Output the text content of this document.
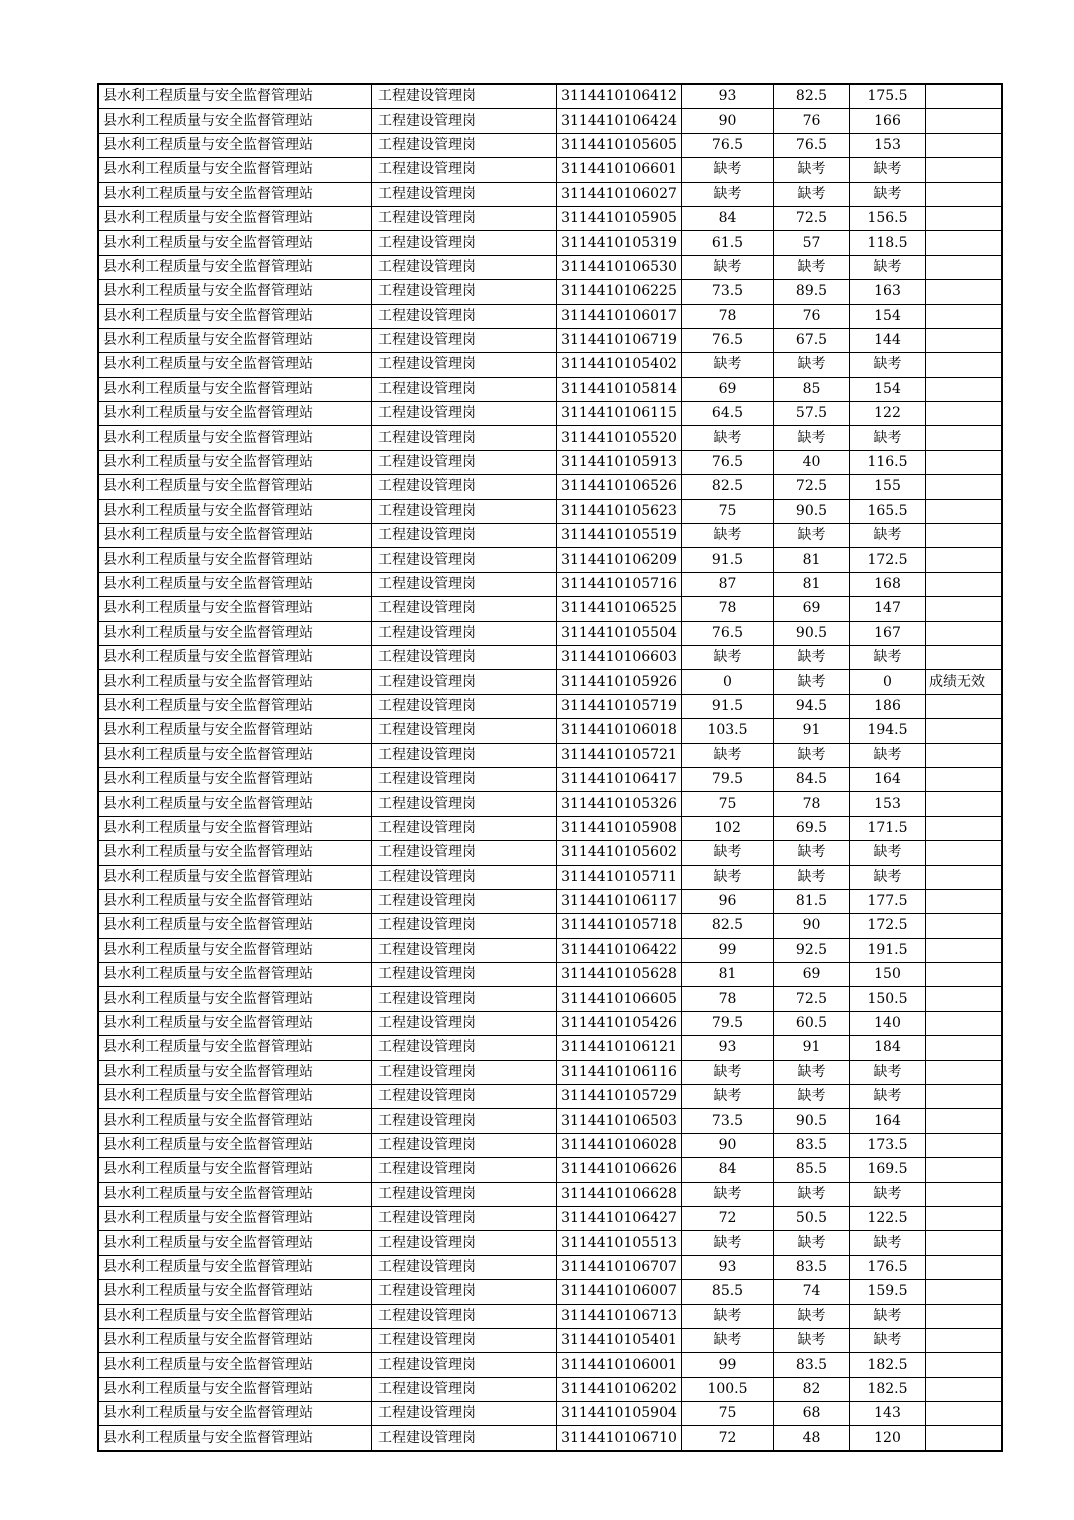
县水利工程质量与安全监督管理站	工程建设管理岗	3114410106412	93	82.5	175.5	
县水利工程质量与安全监督管理站	工程建设管理岗	3114410106424	90	76	166	
县水利工程质量与安全监督管理站	工程建设管理岗	3114410105605	76.5	76.5	153	
县水利工程质量与安全监督管理站	工程建设管理岗	3114410106601	缺考	缺考	缺考	
县水利工程质量与安全监督管理站	工程建设管理岗	3114410106027	缺考	缺考	缺考	
县水利工程质量与安全监督管理站	工程建设管理岗	3114410105905	84	72.5	156.5	
县水利工程质量与安全监督管理站	工程建设管理岗	3114410105319	61.5	57	118.5	
县水利工程质量与安全监督管理站	工程建设管理岗	3114410106530	缺考	缺考	缺考	
县水利工程质量与安全监督管理站	工程建设管理岗	3114410106225	73.5	89.5	163	
县水利工程质量与安全监督管理站	工程建设管理岗	3114410106017	78	76	154	
县水利工程质量与安全监督管理站	工程建设管理岗	3114410106719	76.5	67.5	144	
县水利工程质量与安全监督管理站	工程建设管理岗	3114410105402	缺考	缺考	缺考	
县水利工程质量与安全监督管理站	工程建设管理岗	3114410105814	69	85	154	
县水利工程质量与安全监督管理站	工程建设管理岗	3114410106115	64.5	57.5	122	
县水利工程质量与安全监督管理站	工程建设管理岗	3114410105520	缺考	缺考	缺考	
县水利工程质量与安全监督管理站	工程建设管理岗	3114410105913	76.5	40	116.5	
县水利工程质量与安全监督管理站	工程建设管理岗	3114410106526	82.5	72.5	155	
县水利工程质量与安全监督管理站	工程建设管理岗	3114410105623	75	90.5	165.5	
县水利工程质量与安全监督管理站	工程建设管理岗	3114410105519	缺考	缺考	缺考	
县水利工程质量与安全监督管理站	工程建设管理岗	3114410106209	91.5	81	172.5	
县水利工程质量与安全监督管理站	工程建设管理岗	3114410105716	87	81	168	
县水利工程质量与安全监督管理站	工程建设管理岗	3114410106525	78	69	147	
县水利工程质量与安全监督管理站	工程建设管理岗	3114410105504	76.5	90.5	167	
县水利工程质量与安全监督管理站	工程建设管理岗	3114410106603	缺考	缺考	缺考	
县水利工程质量与安全监督管理站	工程建设管理岗	3114410105926	0	缺考	0	成绩无效
县水利工程质量与安全监督管理站	工程建设管理岗	3114410105719	91.5	94.5	186	
县水利工程质量与安全监督管理站	工程建设管理岗	3114410106018	103.5	91	194.5	
县水利工程质量与安全监督管理站	工程建设管理岗	3114410105721	缺考	缺考	缺考	
县水利工程质量与安全监督管理站	工程建设管理岗	3114410106417	79.5	84.5	164	
县水利工程质量与安全监督管理站	工程建设管理岗	3114410105326	75	78	153	
县水利工程质量与安全监督管理站	工程建设管理岗	3114410105908	102	69.5	171.5	
县水利工程质量与安全监督管理站	工程建设管理岗	3114410105602	缺考	缺考	缺考	
县水利工程质量与安全监督管理站	工程建设管理岗	3114410105711	缺考	缺考	缺考	
县水利工程质量与安全监督管理站	工程建设管理岗	3114410106117	96	81.5	177.5	
县水利工程质量与安全监督管理站	工程建设管理岗	3114410105718	82.5	90	172.5	
县水利工程质量与安全监督管理站	工程建设管理岗	3114410106422	99	92.5	191.5	
县水利工程质量与安全监督管理站	工程建设管理岗	3114410105628	81	69	150	
县水利工程质量与安全监督管理站	工程建设管理岗	3114410106605	78	72.5	150.5	
县水利工程质量与安全监督管理站	工程建设管理岗	3114410105426	79.5	60.5	140	
县水利工程质量与安全监督管理站	工程建设管理岗	3114410106121	93	91	184	
县水利工程质量与安全监督管理站	工程建设管理岗	3114410106116	缺考	缺考	缺考	
县水利工程质量与安全监督管理站	工程建设管理岗	3114410105729	缺考	缺考	缺考	
县水利工程质量与安全监督管理站	工程建设管理岗	3114410106503	73.5	90.5	164	
县水利工程质量与安全监督管理站	工程建设管理岗	3114410106028	90	83.5	173.5	
县水利工程质量与安全监督管理站	工程建设管理岗	3114410106626	84	85.5	169.5	
县水利工程质量与安全监督管理站	工程建设管理岗	3114410106628	缺考	缺考	缺考	
县水利工程质量与安全监督管理站	工程建设管理岗	3114410106427	72	50.5	122.5	
县水利工程质量与安全监督管理站	工程建设管理岗	3114410105513	缺考	缺考	缺考	
县水利工程质量与安全监督管理站	工程建设管理岗	3114410106707	93	83.5	176.5	
县水利工程质量与安全监督管理站	工程建设管理岗	3114410106007	85.5	74	159.5	
县水利工程质量与安全监督管理站	工程建设管理岗	3114410106713	缺考	缺考	缺考	
县水利工程质量与安全监督管理站	工程建设管理岗	3114410105401	缺考	缺考	缺考	
县水利工程质量与安全监督管理站	工程建设管理岗	3114410106001	99	83.5	182.5	
县水利工程质量与安全监督管理站	工程建设管理岗	3114410106202	100.5	82	182.5	
县水利工程质量与安全监督管理站	工程建设管理岗	3114410105904	75	68	143	
县水利工程质量与安全监督管理站	工程建设管理岗	3114410106710	72	48	120	
